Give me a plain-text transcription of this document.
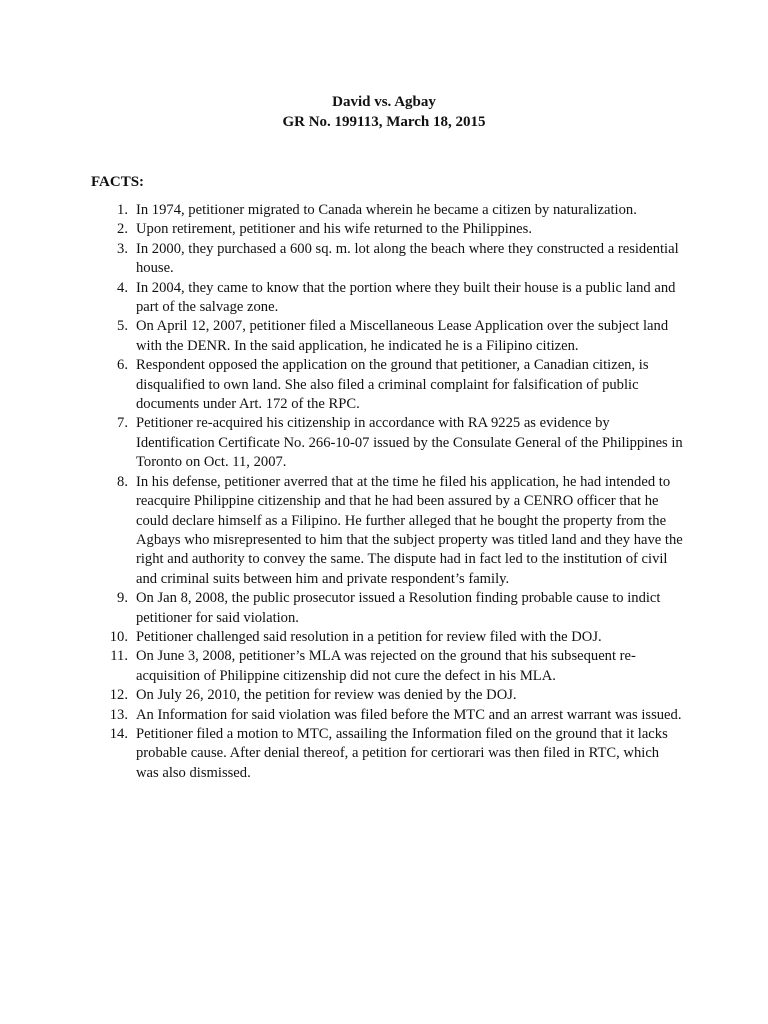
David vs. Agbay
GR No. 199113, March 18, 2015
FACTS:
1. In 1974, petitioner migrated to Canada wherein he became a citizen by naturalization.
2. Upon retirement, petitioner and his wife returned to the Philippines.
3. In 2000, they purchased a 600 sq. m. lot along the beach where they constructed a residential house.
4. In 2004, they came to know that the portion where they built their house is a public land and part of the salvage zone.
5. On April 12, 2007, petitioner filed a Miscellaneous Lease Application over the subject land with the DENR. In the said application, he indicated he is a Filipino citizen.
6. Respondent opposed the application on the ground that petitioner, a Canadian citizen, is disqualified to own land. She also filed a criminal complaint for falsification of public documents under Art. 172 of the RPC.
7. Petitioner re-acquired his citizenship in accordance with RA 9225 as evidence by Identification Certificate No. 266-10-07 issued by the Consulate General of the Philippines in Toronto on Oct. 11, 2007.
8. In his defense, petitioner averred that at the time he filed his application, he had intended to reacquire Philippine citizenship and that he had been assured by a CENRO officer that he could declare himself as a Filipino. He further alleged that he bought the property from the Agbays who misrepresented to him that the subject property was titled land and they have the right and authority to convey the same. The dispute had in fact led to the institution of civil and criminal suits between him and private respondent’s family.
9. On Jan 8, 2008, the public prosecutor issued a Resolution finding probable cause to indict petitioner for said violation.
10. Petitioner challenged said resolution in a petition for review filed with the DOJ.
11. On June 3, 2008, petitioner’s MLA was rejected on the ground that his subsequent re-acquisition of Philippine citizenship did not cure the defect in his MLA.
12. On July 26, 2010, the petition for review was denied by the DOJ.
13. An Information for said violation was filed before the MTC and an arrest warrant was issued.
14. Petitioner filed a motion to MTC, assailing the Information filed on the ground that it lacks probable cause. After denial thereof, a petition for certiorari was then filed in RTC, which was also dismissed.
